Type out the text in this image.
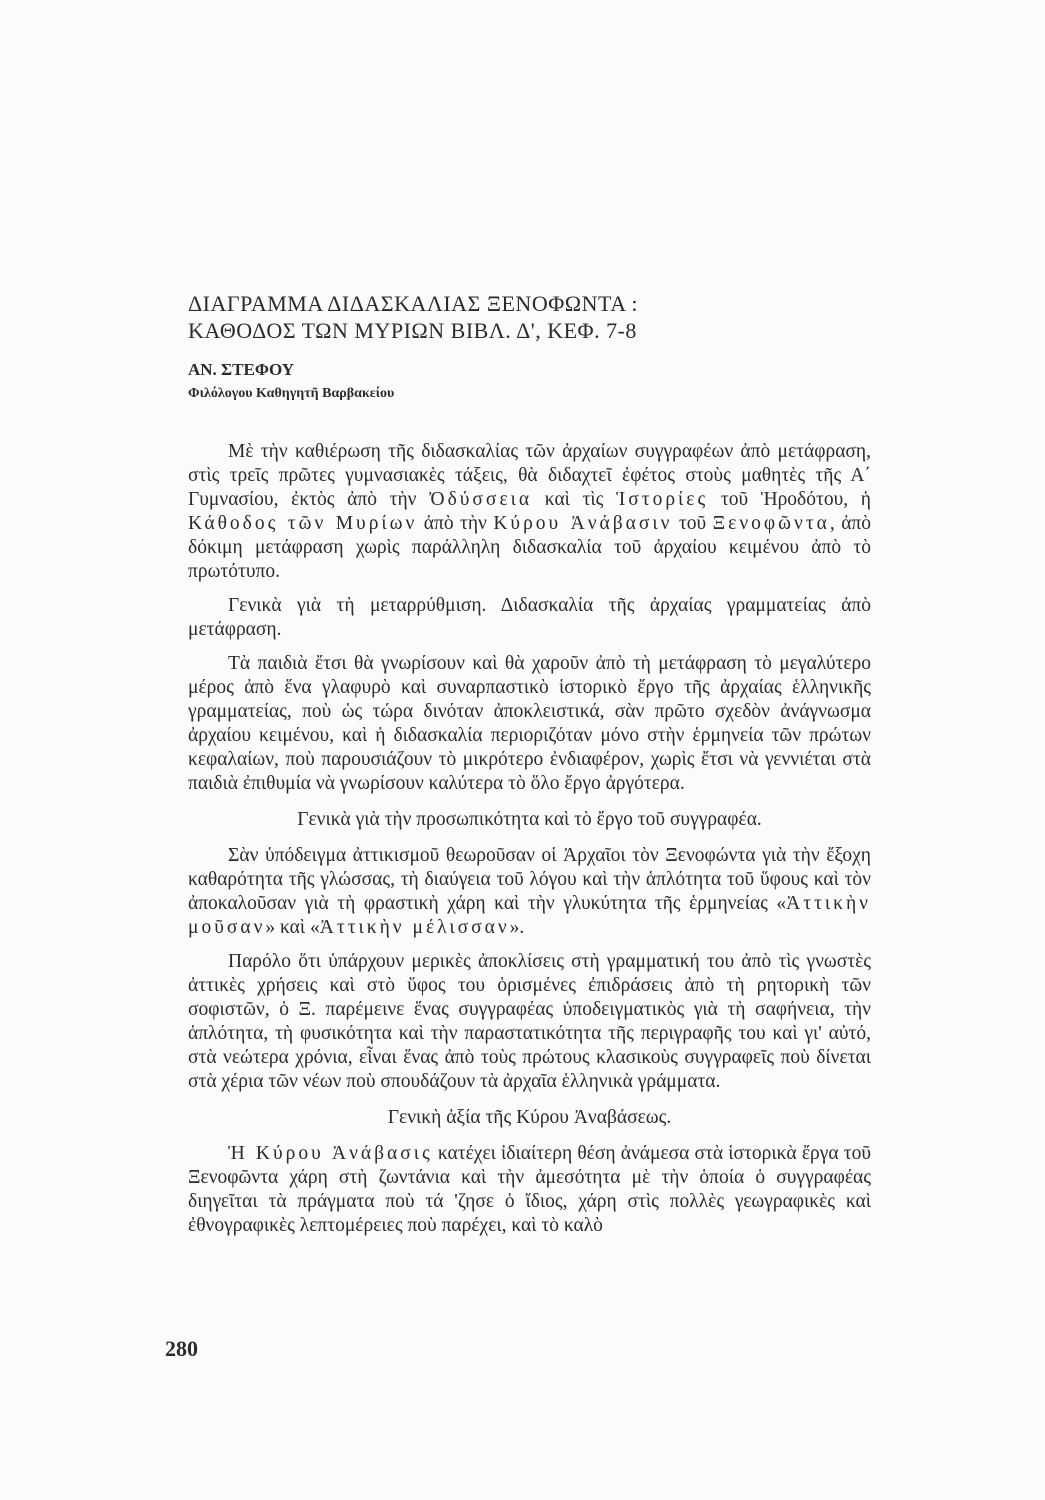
ΔΙΑΓΡΑΜΜΑ ΔΙΔΑΣΚΑΛΙΑΣ ΞΕΝΟΦΩΝΤΑ :
ΚΑΘΟΔΟΣ ΤΩΝ ΜΥΡΙΩΝ ΒΙΒΛ. Δ', ΚΕΦ. 7-8

ΑΝ. ΣΤΕΦΟΥ

Φιλόλογου Καθηγητῆ Βαρβακείου

Μὲ τὴν καθιέρωση τῆς διδασκαλίας τῶν ἀρχαίων συγγραφέων ἀπὸ μετάφραση, στὶς τρεῖς πρῶτες γυμνασιακὲς τάξεις, θὰ διδαχτεῖ ἐφέτος στοὺς μαθητὲς τῆς Α΄ Γυμνασίου, ἐκτὸς ἀπὸ τὴν Ὀδύσσεια καὶ τὶς Ἱστορίες τοῦ Ἡροδότου, ἡ Κάθοδος τῶν Μυρίων ἀπὸ τὴν Κύρου Ἀνάβασιν τοῦ Ξενοφῶντα, ἀπὸ δόκιμη μετάφραση χωρὶς παράλληλη διδασκαλία τοῦ ἀρχαίου κειμένου ἀπὸ τὸ πρωτότυπο.

Γενικὰ γιὰ τὴ μεταρρύθμιση. Διδασκαλία τῆς ἀρχαίας γραμματείας ἀπὸ μετάφραση.

Τὰ παιδιὰ ἔτσι θὰ γνωρίσουν καὶ θὰ χαροῦν ἀπὸ τὴ μετάφραση τὸ μεγαλύτερο μέρος ἀπὸ ἕνα γλαφυρὸ καὶ συναρπαστικὸ ἱστορικὸ ἔργο τῆς ἀρχαίας ἑλληνικῆς γραμματείας, ποὺ ὡς τώρα δινόταν ἀποκλειστικά, σὰν πρῶτο σχεδὸν ἀνάγνωσμα ἀρχαίου κειμένου, καὶ ἡ διδασκαλία περιοριζόταν μόνο στὴν ἑρμηνεία τῶν πρώτων κεφαλαίων, ποὺ παρουσιάζουν τὸ μικρότερο ἐνδιαφέρον, χωρὶς ἔτσι νὰ γεννιέται στὰ παιδιὰ ἐπιθυμία νὰ γνωρίσουν καλύτερα τὸ ὅλο ἔργο ἀργότερα.

Γενικὰ γιὰ τὴν προσωπικότητα καὶ τὸ ἔργο τοῦ συγγραφέα.

Σὰν ὑπόδειγμα ἀττικισμοῦ θεωροῦσαν οἱ Ἀρχαῖοι τὸν Ξενοφώντα γιὰ τὴν ἔξοχη καθαρότητα τῆς γλώσσας, τὴ διαύγεια τοῦ λόγου καὶ τὴν ἁπλότητα τοῦ ὕφους καὶ τὸν ἀποκαλοῦσαν γιὰ τὴ φραστικὴ χάρη καὶ τὴν γλυκύτητα τῆς ἑρμηνείας «Ἀττικὴν μοῦσαν» καὶ «Ἀττικὴν μέλισσαν».

Παρόλο ὅτι ὑπάρχουν μερικὲς ἀποκλίσεις στὴ γραμματική του ἀπὸ τὶς γνωστὲς ἀττικὲς χρήσεις καὶ στὸ ὕφος του ὁρισμένες ἐπιδράσεις ἀπὸ τὴ ρητορικὴ τῶν σοφιστῶν, ὁ Ξ. παρέμεινε ἕνας συγγραφέας ὑποδειγματικὸς γιὰ τὴ σαφήνεια, τὴν ἁπλότητα, τὴ φυσικότητα καὶ τὴν παραστατικότητα τῆς περιγραφῆς του καὶ γι' αὐτό, στὰ νεώτερα χρόνια, εἶναι ἕνας ἀπὸ τοὺς πρώτους κλασικοὺς συγγραφεῖς ποὺ δίνεται στὰ χέρια τῶν νέων ποὺ σπουδάζουν τὰ ἀρχαῖα ἑλληνικὰ γράμματα.

Γενικὴ ἀξία τῆς Κύρου Ἀναβάσεως.

Ἡ Κύρου Ἀνάβασις κατέχει ἰδιαίτερη θέση ἀνάμεσα στὰ ἱστορικὰ ἔργα τοῦ Ξενοφῶντα χάρη στὴ ζωντάνια καὶ τὴν ἀμεσότητα μὲ τὴν ὁποία ὁ συγγραφέας διηγεῖται τὰ πράγματα ποὺ τά 'ζησε ὁ ἴδιος, χάρη στὶς πολλὲς γεωγραφικὲς καὶ ἐθνογραφικὲς λεπτομέρειες ποὺ παρέχει, καὶ τὸ καλὸ

280
